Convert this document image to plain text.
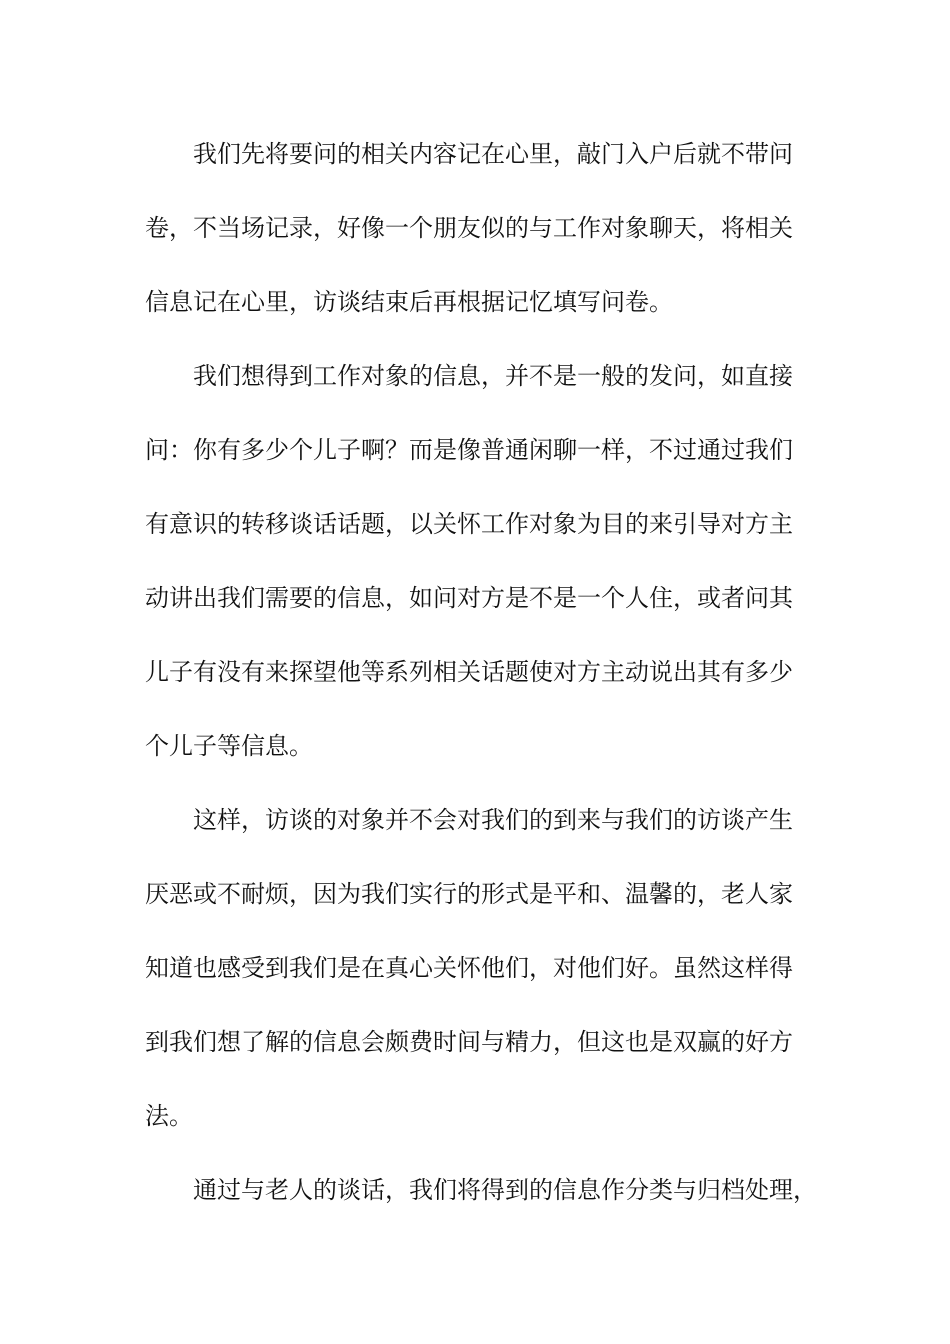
我们先将要问的相关内容记在心里，敲门入户后就不带问
卷，不当场记录，好像一个朋友似的与工作对象聊天，将相关
信息记在心里，访谈结束后再根据记忆填写问卷。
我们想得到工作对象的信息，并不是一般的发问，如直接
问：你有多少个儿子啊？而是像普通闲聊一样，不过通过我们
有意识的转移谈话话题，以关怀工作对象为目的来引导对方主
动讲出我们需要的信息，如问对方是不是一个人住，或者问其
儿子有没有来探望他等系列相关话题使对方主动说出其有多少
个儿子等信息。
这样，访谈的对象并不会对我们的到来与我们的访谈产生
厌恶或不耐烦，因为我们实行的形式是平和、温馨的，老人家
知道也感受到我们是在真心关怀他们，对他们好。虽然这样得
到我们想了解的信息会颇费时间与精力，但这也是双赢的好方
法。
通过与老人的谈话，我们将得到的信息作分类与归档处理，
